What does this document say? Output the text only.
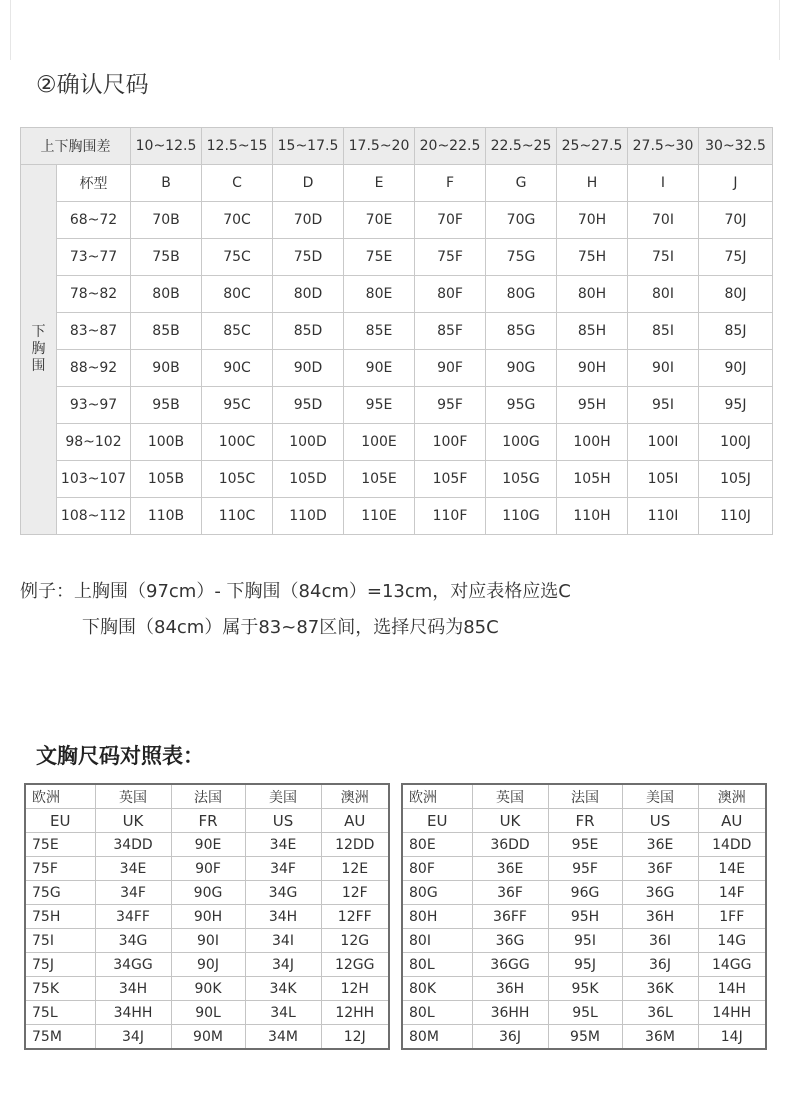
②确认尺码
上下胸围差		10~12.5	12.5~15	15~17.5	17.5~20	20~22.5	22.5~25	25~27.5	27.5~30	30~32.5
下胸围	杯型	B	C	D	E	F	G	H	I	J
	68~72	70B	70C	70D	70E	70F	70G	70H	70I	70J
	73~77	75B	75C	75D	75E	75F	75G	75H	75I	75J
	78~82	80B	80C	80D	80E	80F	80G	80H	80I	80J
	83~87	85B	85C	85D	85E	85F	85G	85H	85I	85J
	88~92	90B	90C	90D	90E	90F	90G	90H	90I	90J
	93~97	95B	95C	95D	95E	95F	95G	95H	95I	95J
	98~102	100B	100C	100D	100E	100F	100G	100H	100I	100J
	103~107	105B	105C	105D	105E	105F	105G	105H	105I	105J
	108~112	110B	110C	110D	110E	110F	110G	110H	110I	110J
例子：上胸围（97cm）- 下胸围（84cm）=13cm，对应表格应选C
下胸围（84cm）属于83~87区间，选择尺码为85C
文胸尺码对照表：
欧洲	英国	法国	美国	澳洲
EU	UK	FR	US	AU
75E	34DD	90E	34E	12DD
75F	34E	90F	34F	12E
75G	34F	90G	34G	12F
75H	34FF	90H	34H	12FF
75I	34G	90I	34I	12G
75J	34GG	90J	34J	12GG
75K	34H	90K	34K	12H
75L	34HH	90L	34L	12HH
75M	34J	90M	34M	12J
欧洲	英国	法国	美国	澳洲
EU	UK	FR	US	AU
80E	36DD	95E	36E	14DD
80F	36E	95F	36F	14E
80G	36F	96G	36G	14F
80H	36FF	95H	36H	1FF
80I	36G	95I	36I	14G
80L	36GG	95J	36J	14GG
80K	36H	95K	36K	14H
80L	36HH	95L	36L	14HH
80M	36J	95M	36M	14J
